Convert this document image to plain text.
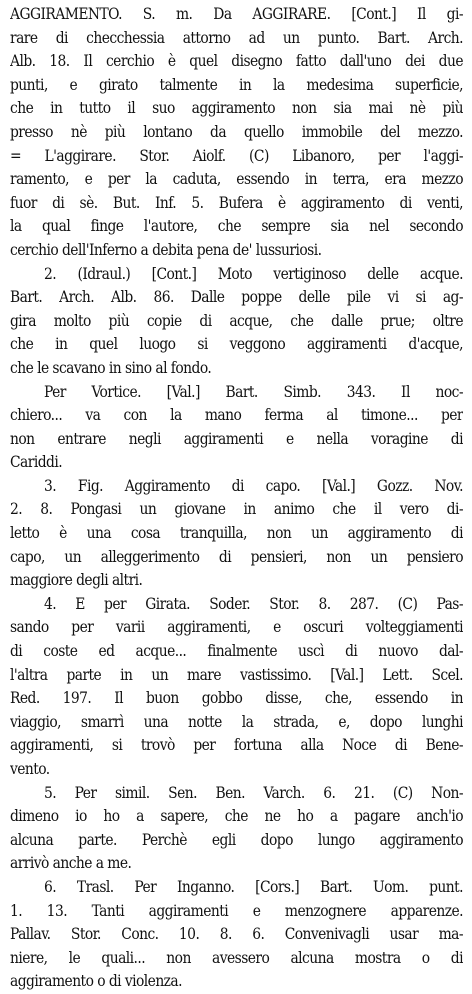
AGGIRAMENTO. S. m. Da AGGIRARE. [Cont.] Il gi-
rare di checchessia attorno ad un punto. Bart. Arch.
Alb. 18. Il cerchio è quel disegno fatto dall'uno dei due
punti, e girato talmente in la medesima superficie,
che in tutto il suo aggiramento non sia mai nè più
presso nè più lontano da quello immobile del mezzo.
= L'aggirare. Stor. Aiolf. (C) Libanoro, per l'aggi-
ramento, e per la caduta, essendo in terra, era mezzo
fuor di sè. But. Inf. 5. Bufera è aggiramento di venti,
la qual finge l'autore, che sempre sia nel secondo
cerchio dell'Inferno a debita pena de' lussuriosi.
2. (Idraul.) [Cont.] Moto vertiginoso delle acque.
Bart. Arch. Alb. 86. Dalle poppe delle pile vi si ag-
gira molto più copie di acque, che dalle prue; oltre
che in quel luogo si veggono aggiramenti d'acque,
che le scavano in sino al fondo.
Per Vortice. [Val.] Bart. Simb. 343. Il noc-
chiero... va con la mano ferma al timone... per
non entrare negli aggiramenti e nella voragine di
Cariddi.
3. Fig. Aggiramento di capo. [Val.] Gozz. Nov.
2. 8. Pongasi un giovane in animo che il vero di-
letto è una cosa tranquilla, non un aggiramento di
capo, un alleggerimento di pensieri, non un pensiero
maggiore degli altri.
4. E per Girata. Soder. Stor. 8. 287. (C) Pas-
sando per varii aggiramenti, e oscuri volteggiamenti
di coste ed acque... finalmente uscì di nuovo dal-
l'altra parte in un mare vastissimo. [Val.] Lett. Scel.
Red. 197. Il buon gobbo disse, che, essendo in
viaggio, smarrì una notte la strada, e, dopo lunghi
aggiramenti, si trovò per fortuna alla Noce di Bene-
vento.
5. Per simil. Sen. Ben. Varch. 6. 21. (C) Non-
dimeno io ho a sapere, che ne ho a pagare anch'io
alcuna parte. Perchè egli dopo lungo aggiramento
arrivò anche a me.
6. Trasl. Per Inganno. [Cors.] Bart. Uom. punt.
1. 13. Tanti aggiramenti e menzognere apparenze.
Pallav. Stor. Conc. 10. 8. 6. Convenivagli usar ma-
niere, le quali... non avessero alcuna mostra o di
aggiramento o di violenza.
